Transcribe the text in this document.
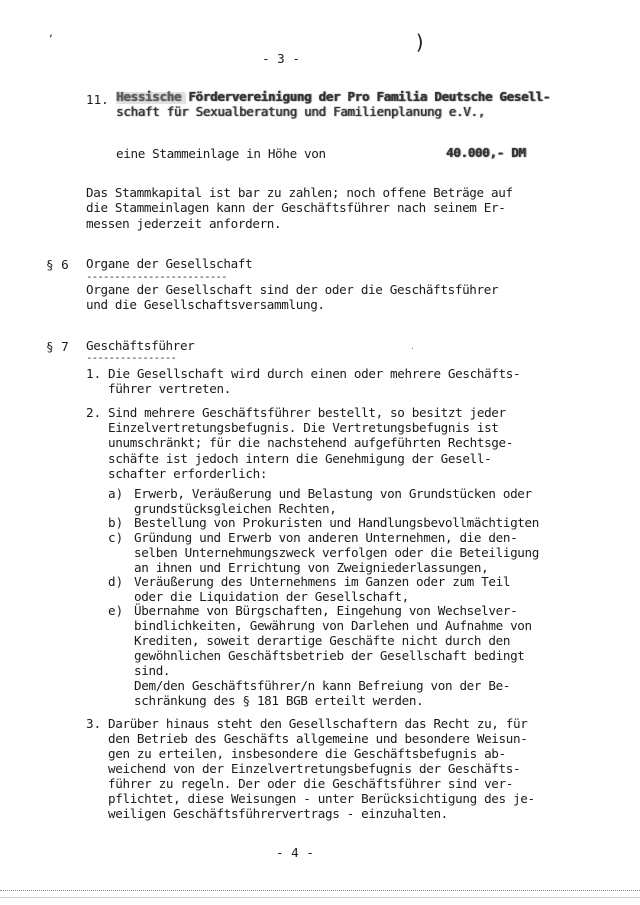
,	)
.
- 3 -
11. Hessische Fördervereinigung der Pro Familia Deutsche Gesell-
schaft für Sexualberatung und Familienplanung e.V.,
eine Stammeinlage in Höhe von	40.000,- DM
Das Stammkapital ist bar zu zahlen; noch offene Beträge auf
die Stammeinlagen kann der Geschäftsführer nach seinem Er-
messen jederzeit anfordern.
§ 6 Organe der Gesellschaft
-------------------------
Organe der Gesellschaft sind der oder die Geschäftsführer
und die Gesellschaftsversammlung.
§ 7 Geschäftsführer
----------------
1. Die Gesellschaft wird durch einen oder mehrere Geschäfts-
führer vertreten.
2. Sind mehrere Geschäftsführer bestellt, so besitzt jeder
Einzelvertretungsbefugnis. Die Vertretungsbefugnis ist
unumschränkt; für die nachstehend aufgeführten Rechtsge-
schäfte ist jedoch intern die Genehmigung der Gesell-
schafter erforderlich:
a) Erwerb, Veräußerung und Belastung von Grundstücken oder
grundstücksgleichen Rechten,
b) Bestellung von Prokuristen und Handlungsbevollmächtigten
c) Gründung und Erwerb von anderen Unternehmen, die den-
selben Unternehmungszweck verfolgen oder die Beteiligung
an ihnen und Errichtung von Zweigniederlassungen,
d) Veräußerung des Unternehmens im Ganzen oder zum Teil
oder die Liquidation der Gesellschaft,
e) Übernahme von Bürgschaften, Eingehung von Wechselver-
bindlichkeiten, Gewährung von Darlehen und Aufnahme von
Krediten, soweit derartige Geschäfte nicht durch den
gewöhnlichen Geschäftsbetrieb der Gesellschaft bedingt
sind.
Dem/den Geschäftsführer/n kann Befreiung von der Be-
schränkung des § 181 BGB erteilt werden.
3. Darüber hinaus steht den Gesellschaftern das Recht zu, für
den Betrieb des Geschäfts allgemeine und besondere Weisun-
gen zu erteilen, insbesondere die Geschäftsbefugnis ab-
weichend von der Einzelvertretungsbefugnis der Geschäfts-
führer zu regeln. Der oder die Geschäftsführer sind ver-
pflichtet, diese Weisungen - unter Berücksichtigung des je-
weiligen Geschäftsführervertrags - einzuhalten.
- 4 -
